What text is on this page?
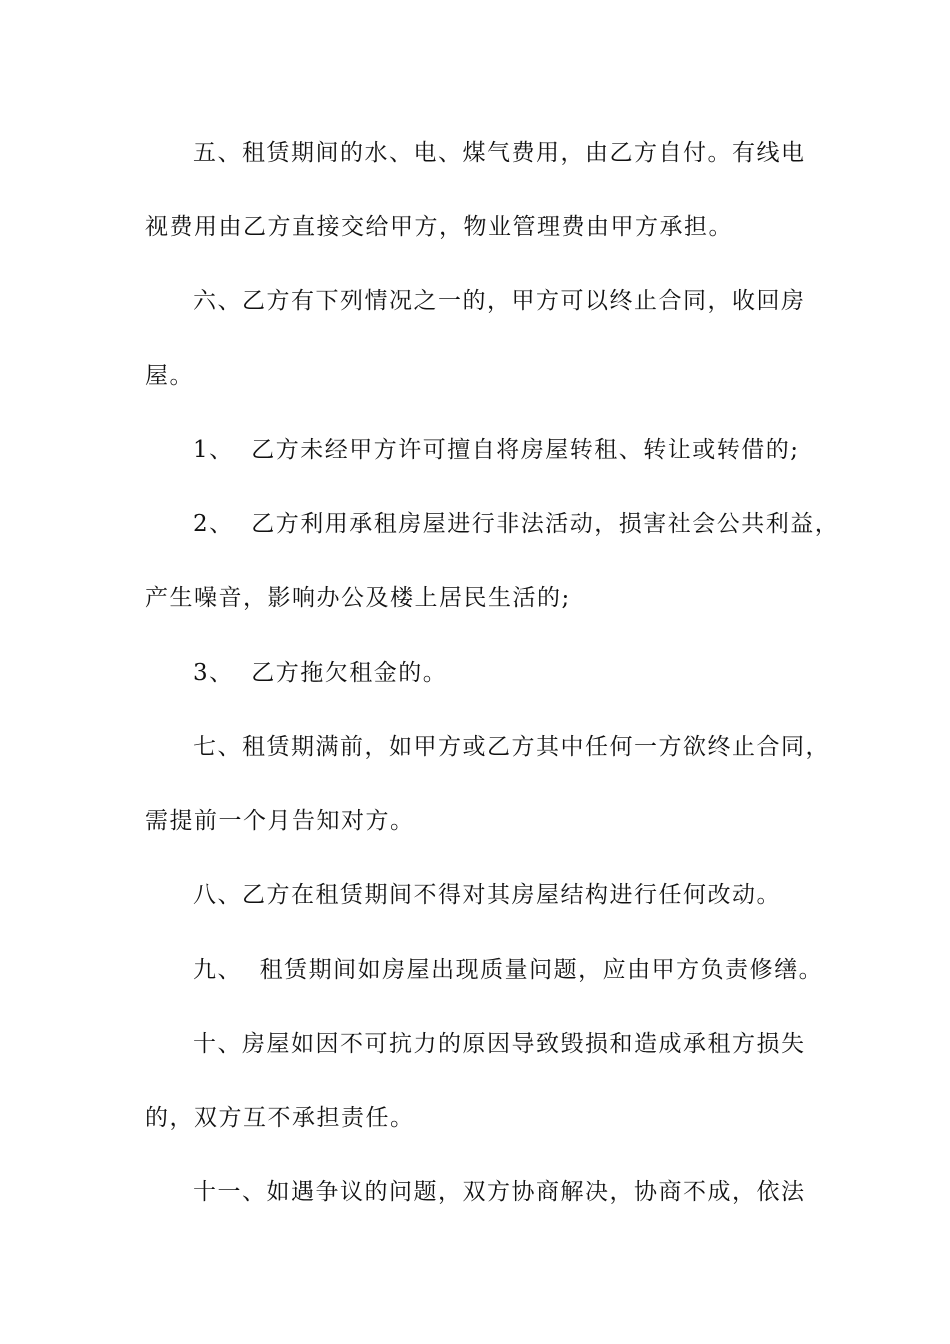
五、租赁期间的水、电、煤气费用，由乙方自付。有线电
视费用由乙方直接交给甲方，物业管理费由甲方承担。
六、乙方有下列情况之一的，甲方可以终止合同，收回房
屋。
1、  乙方未经甲方许可擅自将房屋转租、转让或转借的;
2、  乙方利用承租房屋进行非法活动，损害社会公共利益，
产生噪音，影响办公及楼上居民生活的;
3、  乙方拖欠租金的。
七、租赁期满前，如甲方或乙方其中任何一方欲终止合同，
需提前一个月告知对方。
八、乙方在租赁期间不得对其房屋结构进行任何改动。
九、  租赁期间如房屋出现质量问题，应由甲方负责修缮。
十、房屋如因不可抗力的原因导致毁损和造成承租方损失
的，双方互不承担责任。
十一、如遇争议的问题，双方协商解决，协商不成，依法
